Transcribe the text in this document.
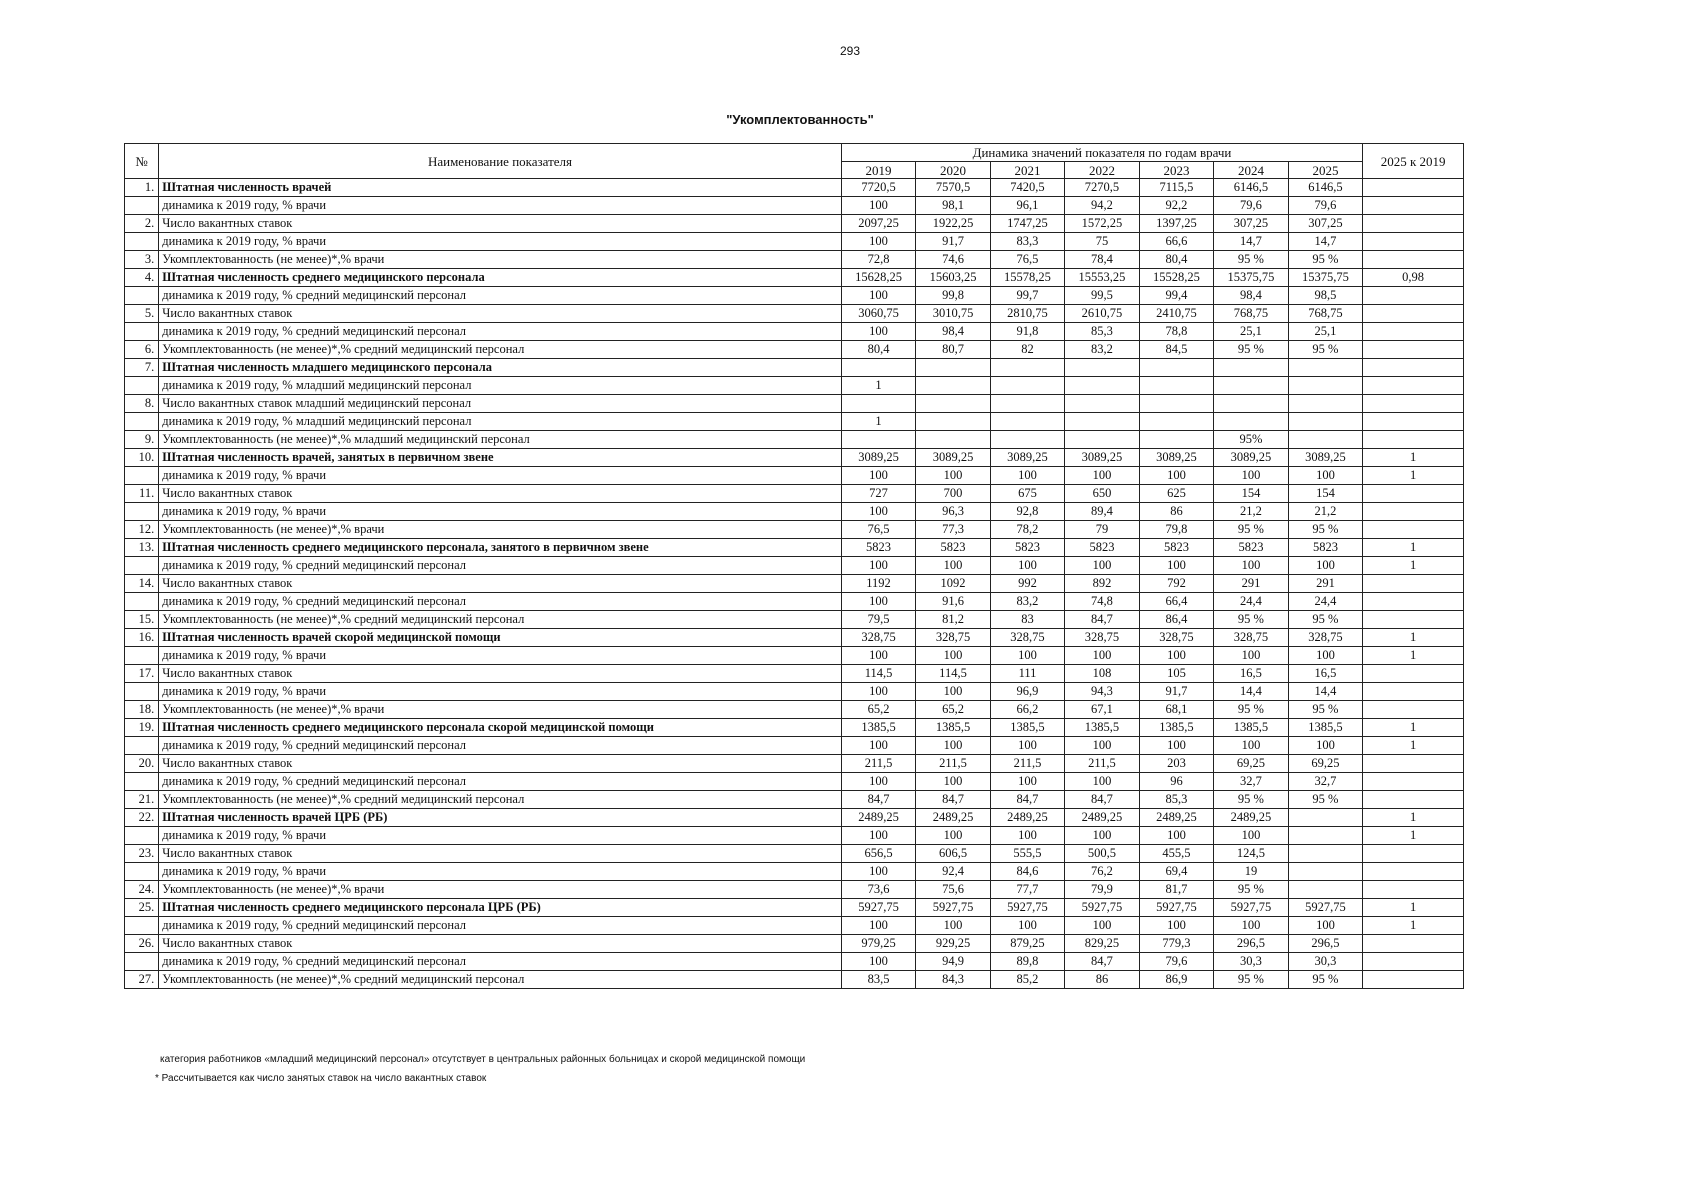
293
"Укомплектованность"
№	Наименование показателя	Динамика значений показателя по годам врачи							2025 к 2019
		2019	2020	2021	2022	2023	2024	2025	
1.	Штатная численность врачей	7720,5	7570,5	7420,5	7270,5	7115,5	6146,5	6146,5	
	динамика к 2019 году, % врачи	100	98,1	96,1	94,2	92,2	79,6	79,6	
2.	Число вакантных ставок	2097,25	1922,25	1747,25	1572,25	1397,25	307,25	307,25	
	динамика к 2019 году, % врачи	100	91,7	83,3	75	66,6	14,7	14,7	
3.	Укомплектованность (не менее)*,% врачи	72,8	74,6	76,5	78,4	80,4	95 %	95 %	
4.	Штатная численность среднего медицинского персонала	15628,25	15603,25	15578,25	15553,25	15528,25	15375,75	15375,75	0,98
	динамика к 2019 году, % средний медицинский персонал	100	99,8	99,7	99,5	99,4	98,4	98,5	
5.	Число вакантных ставок	3060,75	3010,75	2810,75	2610,75	2410,75	768,75	768,75	
	динамика к 2019 году, % средний медицинский персонал	100	98,4	91,8	85,3	78,8	25,1	25,1	
6.	Укомплектованность (не менее)*,% средний медицинский персонал	80,4	80,7	82	83,2	84,5	95 %	95 %	
7.	Штатная численность младшего медицинского персонала								
	динамика к 2019 году, % младший медицинский персонал	1							
8.	Число вакантных ставок младший медицинский персонал								
	динамика к 2019 году, % младший медицинский персонал	1							
9.	Укомплектованность (не менее)*,% младший медицинский персонал						95%		
10.	Штатная численность врачей, занятых в первичном звене	3089,25	3089,25	3089,25	3089,25	3089,25	3089,25	3089,25	1
	динамика к 2019 году, % врачи	100	100	100	100	100	100	100	1
11.	Число вакантных ставок	727	700	675	650	625	154	154	
	динамика к 2019 году, % врачи	100	96,3	92,8	89,4	86	21,2	21,2	
12.	Укомплектованность (не менее)*,% врачи	76,5	77,3	78,2	79	79,8	95 %	95 %	
13.	Штатная численность среднего медицинского персонала, занятого в первичном звене	5823	5823	5823	5823	5823	5823	5823	1
	динамика к 2019 году, % средний медицинский персонал	100	100	100	100	100	100	100	1
14.	Число вакантных ставок	1192	1092	992	892	792	291	291	
	динамика к 2019 году, % средний медицинский персонал	100	91,6	83,2	74,8	66,4	24,4	24,4	
15.	Укомплектованность (не менее)*,% средний медицинский персонал	79,5	81,2	83	84,7	86,4	95 %	95 %	
16.	Штатная численность врачей скорой медицинской помощи	328,75	328,75	328,75	328,75	328,75	328,75	328,75	1
	динамика к 2019 году, % врачи	100	100	100	100	100	100	100	1
17.	Число вакантных ставок	114,5	114,5	111	108	105	16,5	16,5	
	динамика к 2019 году, % врачи	100	100	96,9	94,3	91,7	14,4	14,4	
18.	Укомплектованность (не менее)*,% врачи	65,2	65,2	66,2	67,1	68,1	95 %	95 %	
19.	Штатная численность среднего медицинского персонала скорой медицинской помощи	1385,5	1385,5	1385,5	1385,5	1385,5	1385,5	1385,5	1
	динамика к 2019 году, % средний медицинский персонал	100	100	100	100	100	100	100	1
20.	Число вакантных ставок	211,5	211,5	211,5	211,5	203	69,25	69,25	
	динамика к 2019 году, % средний медицинский персонал	100	100	100	100	96	32,7	32,7	
21.	Укомплектованность (не менее)*,% средний медицинский персонал	84,7	84,7	84,7	84,7	85,3	95 %	95 %	
22.	Штатная численность врачей ЦРБ (РБ)	2489,25	2489,25	2489,25	2489,25	2489,25	2489,25		1
	динамика к 2019 году, % врачи	100	100	100	100	100	100		1
23.	Число вакантных ставок	656,5	606,5	555,5	500,5	455,5	124,5		
	динамика к 2019 году, % врачи	100	92,4	84,6	76,2	69,4	19		
24.	Укомплектованность (не менее)*,% врачи	73,6	75,6	77,7	79,9	81,7	95 %		
25.	Штатная численность среднего медицинского персонала ЦРБ (РБ)	5927,75	5927,75	5927,75	5927,75	5927,75	5927,75	5927,75	1
	динамика к 2019 году, % средний медицинский персонал	100	100	100	100	100	100	100	1
26.	Число вакантных ставок	979,25	929,25	879,25	829,25	779,3	296,5	296,5	
	динамика к 2019 году, % средний медицинский персонал	100	94,9	89,8	84,7	79,6	30,3	30,3	
27.	Укомплектованность (не менее)*,% средний медицинский персонал	83,5	84,3	85,2	86	86,9	95 %	95 %	
категория работников «младший медицинский персонал» отсутствует в центральных районных больницах и скорой медицинской помощи
* Рассчитывается как число занятых ставок на число вакантных ставок
